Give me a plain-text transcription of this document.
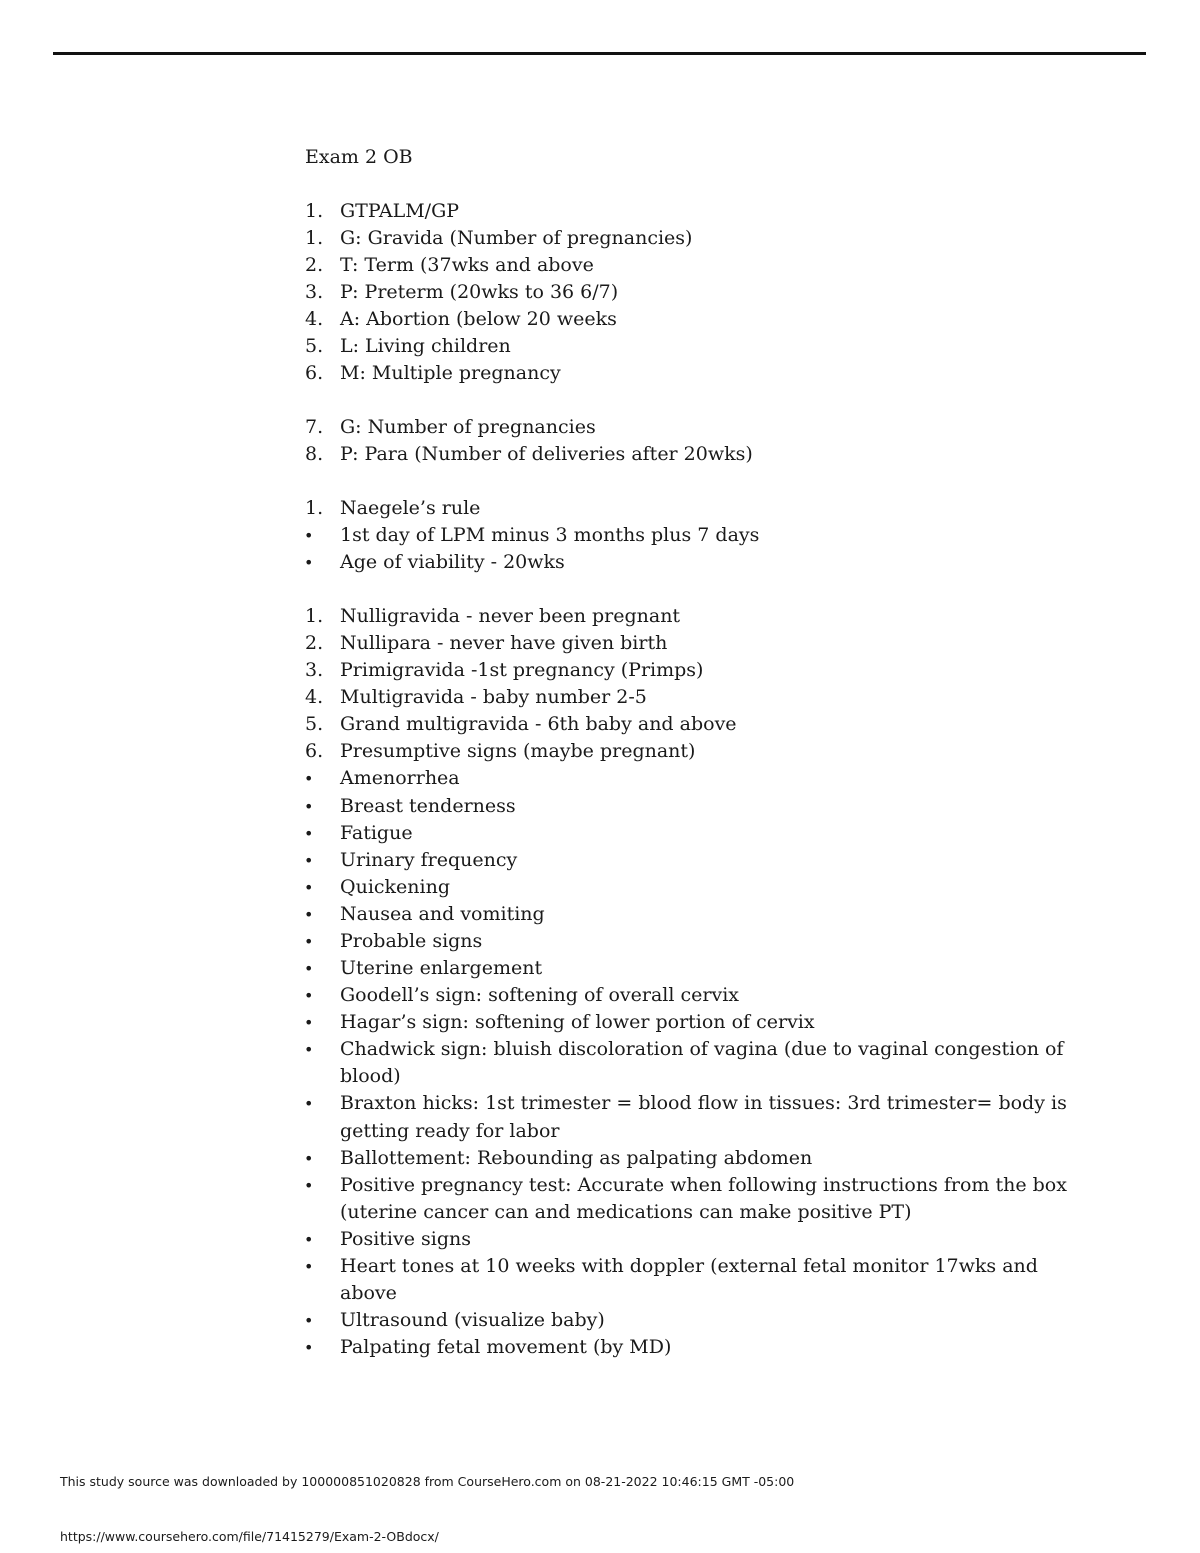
Exam 2 OB
1. GTPALM/GP
1. G: Gravida (Number of pregnancies)
2. T: Term (37wks and above
3. P: Preterm (20wks to 36 6/7)
4. A: Abortion (below 20 weeks
5. L: Living children
6. M: Multiple pregnancy
7. G: Number of pregnancies
8. P: Para (Number of deliveries after 20wks)
1. Naegele’s rule
•	1st day of LPM minus 3 months plus 7 days
•	Age of viability - 20wks
1. Nulligravida - never been pregnant
2. Nullipara - never have given birth
3. Primigravida -1st pregnancy (Primps)
4. Multigravida - baby number 2-5
5. Grand multigravida - 6th baby and above
6. Presumptive signs (maybe pregnant)
•	Amenorrhea
•	Breast tenderness
•	Fatigue
•	Urinary frequency
•	Quickening
•	Nausea and vomiting
•	Probable signs
•	Uterine enlargement
•	Goodell’s sign: softening of overall cervix
•	Hagar’s sign: softening of lower portion of cervix
•	Chadwick sign: bluish discoloration of vagina (due to vaginal congestion of
blood)
•	Braxton hicks: 1st trimester = blood flow in tissues: 3rd trimester= body is
getting ready for labor
•	Ballottement: Rebounding as palpating abdomen
•	Positive pregnancy test: Accurate when following instructions from the box
(uterine cancer can and medications can make positive PT)
•	Positive signs
•	Heart tones at 10 weeks with doppler (external fetal monitor 17wks and
above
•	Ultrasound (visualize baby)
•	Palpating fetal movement (by MD)
This study source was downloaded by 100000851020828 from CourseHero.com on 08-21-2022 10:46:15 GMT -05:00
https://www.coursehero.com/file/71415279/Exam-2-OBdocx/
